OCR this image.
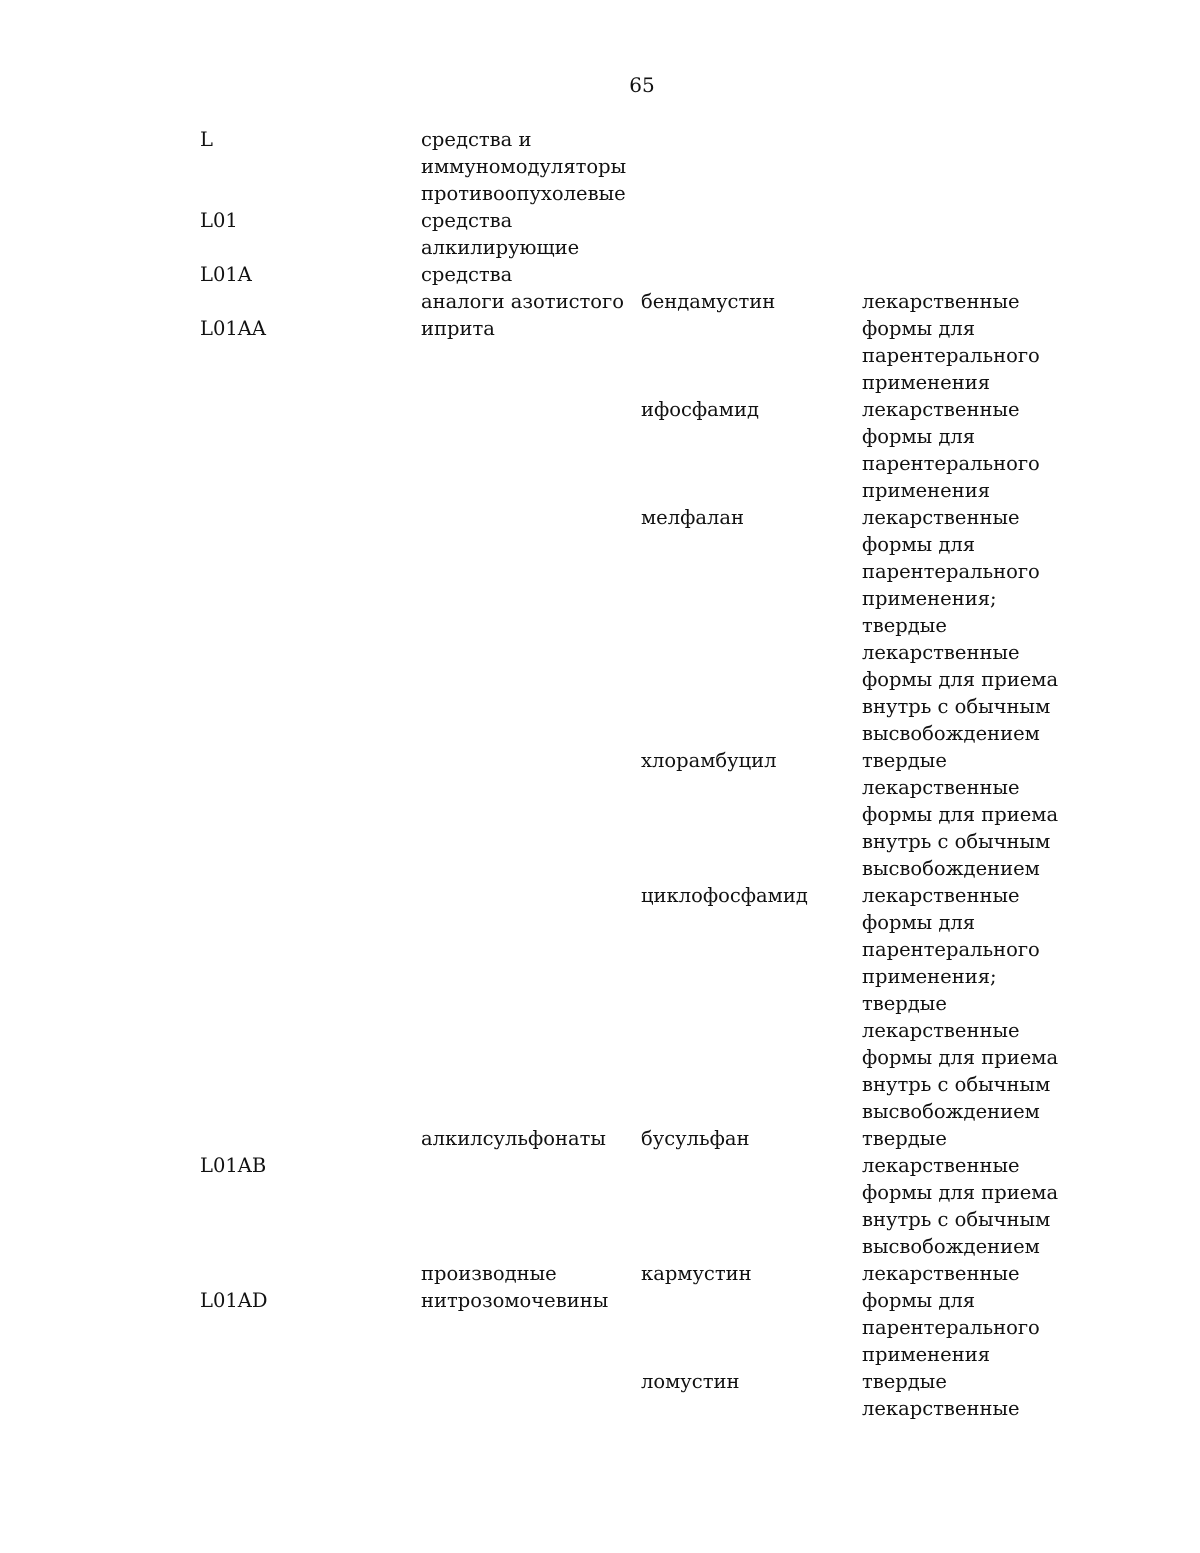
65
L
L01
L01A
L01AA
L01AB
L01AD
средства и
иммуномодуляторы
противоопухолевые
средства
алкилирующие
средства
аналоги азотистого
иприта
алкилсульфонаты
производные
нитрозомочевины
бендамустин
ифосфамид
мелфалан
хлорамбуцил
циклофосфамид
бусульфан
кармустин
ломустин
лекарственные
формы для
парентерального
применения
лекарственные
формы для
парентерального
применения
лекарственные
формы для
парентерального
применения;
твердые
лекарственные
формы для приема
внутрь с обычным
высвобождением
твердые
лекарственные
формы для приема
внутрь с обычным
высвобождением
лекарственные
формы для
парентерального
применения;
твердые
лекарственные
формы для приема
внутрь с обычным
высвобождением
твердые
лекарственные
формы для приема
внутрь с обычным
высвобождением
лекарственные
формы для
парентерального
применения
твердые
лекарственные
